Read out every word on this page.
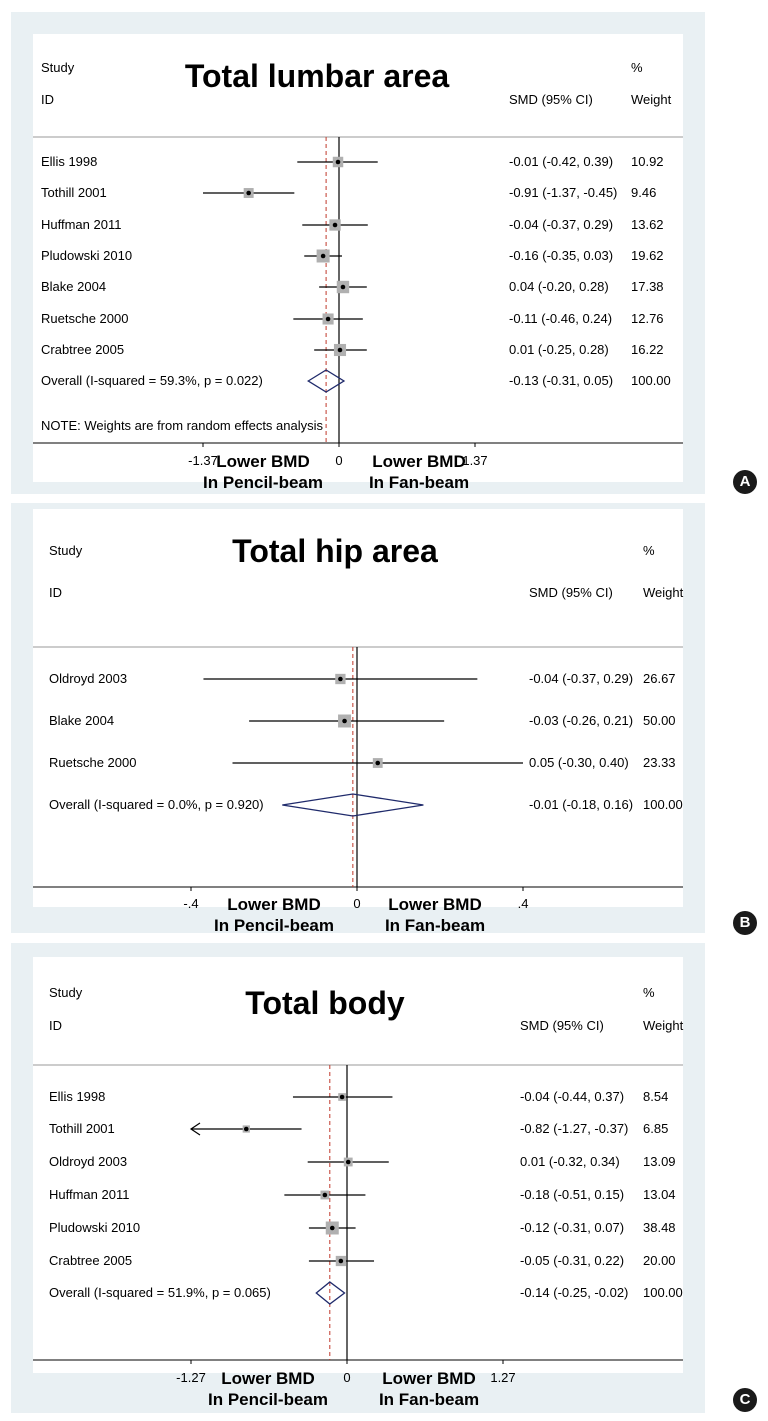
Study
ID	SMD (95% CI)
%
Weight
Total lumbar area
Ellis 1998	-0.01 (-0.42, 0.39) 10.92
Tothill 2001	-0.91 (-1.37, -0.45) 9.46
Huffman 2011	-0.04 (-0.37, 0.29) 13.62
Pludowski 2010	-0.16 (-0.35, 0.03) 19.62
Blake 2004	0.04 (-0.20, 0.28) 17.38
Ruetsche 2000	-0.11 (-0.46, 0.24) 12.76
Crabtree 2005	0.01 (-0.25, 0.28) 16.22
Overall (I-squared = 59.3%, p = 0.022)	-0.13 (-0.31, 0.05) 100.00
NOTE: Weights are from random effects analysis
-1.37	0	1.37
Lower BMD
In Pencil-beam
Lower BMD
In Fan-beam	A
Study
ID	SMD (95% CI)
%
Weight
Total hip area
Oldroyd 2003	-0.04 (-0.37, 0.29) 26.67
Blake 2004	-0.03 (-0.26, 0.21) 50.00
Ruetsche 2000	0.05 (-0.30, 0.40) 23.33
Overall (I-squared = 0.0%, p = 0.920)	-0.01 (-0.18, 0.16) 100.00
-.4	0	.4
Lower BMD
In Pencil-beam
Lower BMD
In Fan-beam	B
Study
ID	SMD (95% CI)
%
Weight
Total body
Ellis 1998	-0.04 (-0.44, 0.37) 8.54
Tothill 2001	-0.82 (-1.27, -0.37) 6.85
Oldroyd 2003	0.01 (-0.32, 0.34) 13.09
Huffman 2011	-0.18 (-0.51, 0.15) 13.04
Pludowski 2010	-0.12 (-0.31, 0.07) 38.48
Crabtree 2005	-0.05 (-0.31, 0.22) 20.00
Overall (I-squared = 51.9%, p = 0.065)	-0.14 (-0.25, -0.02) 100.00
-1.27	0	1.27
Lower BMD
In Pencil-beam
Lower BMD
In Fan-beam	C
